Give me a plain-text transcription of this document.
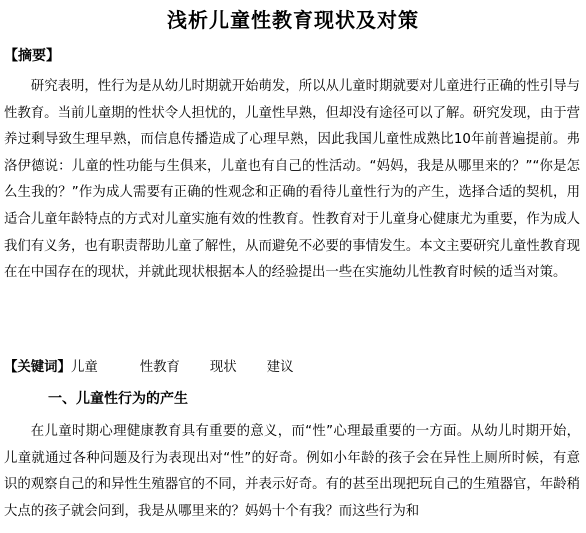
浅析儿童性教育现状及对策
【摘要】

研究表明，性行为是从幼儿时期就开始萌发，所以从儿童时期就要对儿童进行正确的性引导与性教育。当前儿童期的性状令人担忧的，儿童性早熟，但却没有途径可以了解。研究发现，由于营养过剩导致生理早熟，而信息传播造成了心理早熟，因此我国儿童性成熟比10年前普遍提前。弗洛伊德说：儿童的性功能与生俱来，儿童也有自己的性活动。“妈妈，我是从哪里来的？”“你是怎么生我的？”作为成人需要有正确的性观念和正确的看待儿童性行为的产生，选择合适的契机，用适合儿童年龄特点的方式对儿童实施有效的性教育。性教育对于儿童身心健康尤为重要，作为成人我们有义务，也有职责帮助儿童了解性，从而避免不必要的事情发生。本文主要研究儿童性教育现在在中国存在的现状，并就此现状根据本人的经验提出一些在实施幼儿性教育时候的适当对策。

【关键词】儿童	性教育 现状 建议
一、儿童性行为的产生

在儿童时期心理健康教育具有重要的意义，而“性”心理最重要的一方面。从幼儿时期开始，儿童就通过各种问题及行为表现出对“性”的好奇。例如小年龄的孩子会在异性上厕所时候，有意识的观察自己的和异性生殖器官的不同，并表示好奇。有的甚至出现把玩自己的生殖器官，年龄稍大点的孩子就会问到，我是从哪里来的？妈妈十个有我？而这些行为和
